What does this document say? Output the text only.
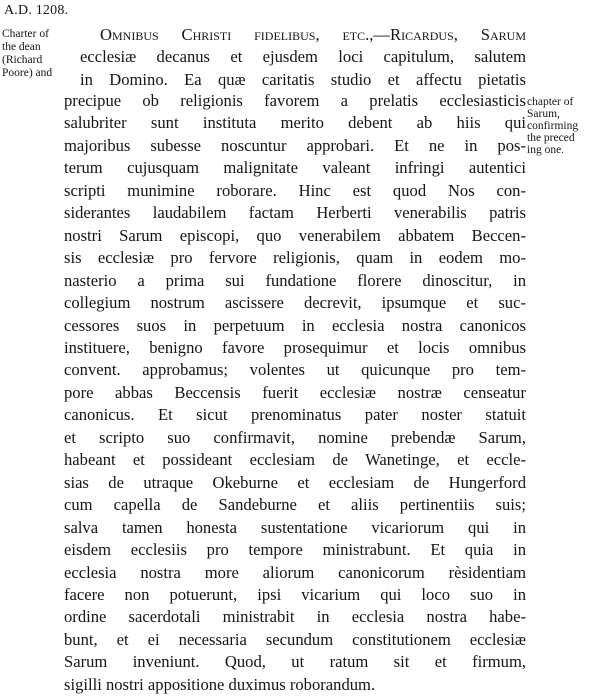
A.D. 1208.
Charter of
the dean
(Richard
Poore) and
Omnibus Christi fidelibus, etc.,—Ricardus, Sarum
ecclesiæ decanus et ejusdem loci capitulum, salutem
in Domino. Ea quæ caritatis studio et affectu pietatis
chapter of
Sarum,
confirming
the preced
ing one.
precipue ob religionis favorem a prelatis ecclesiasticis
salubriter sunt instituta merito debent ab hiis qui
majoribus subesse noscuntur approbari. Et ne in pos-
terum cujusquam malignitate valeant infringi autentici
scripti munimine roborare. Hinc est quod Nos con-
siderantes laudabilem factam Herberti venerabilis patris
nostri Sarum episcopi, quo venerabilem abbatem Beccen-
sis ecclesiæ pro fervore religionis, quam in eodem mo-
nasterio a prima sui fundatione florere dinoscitur, in
collegium nostrum ascissere decrevit, ipsumque et suc-
cessores suos in perpetuum in ecclesia nostra canonicos
instituere, benigno favore prosequimur et locis omnibus
convent. approbamus; volentes ut quicunque pro tem-
pore abbas Beccensis fuerit ecclesiæ nostræ censeatur
canonicus. Et sicut prenominatus pater noster statuit
et scripto suo confirmavit, nomine prebendæ Sarum,
habeant et possideant ecclesiam de Wanetinge, et eccle-
sias de utraque Okeburne et ecclesiam de Hungerford
cum capella de Sandeburne et aliis pertinentiis suis;
salva tamen honesta sustentatione vicariorum qui in
eisdem ecclesiis pro tempore ministrabunt. Et quia in
ecclesia nostra more aliorum canonicorum rèsidentiam
facere non potuerunt, ipsi vicarium qui loco suo in
ordine sacerdotali ministrabit in ecclesia nostra habe-
bunt, et ei necessaria secundum constitutionem ecclesiæ
Sarum inveniunt. Quod, ut ratum sit et firmum,
sigilli nostri appositione duximus roborandum.
